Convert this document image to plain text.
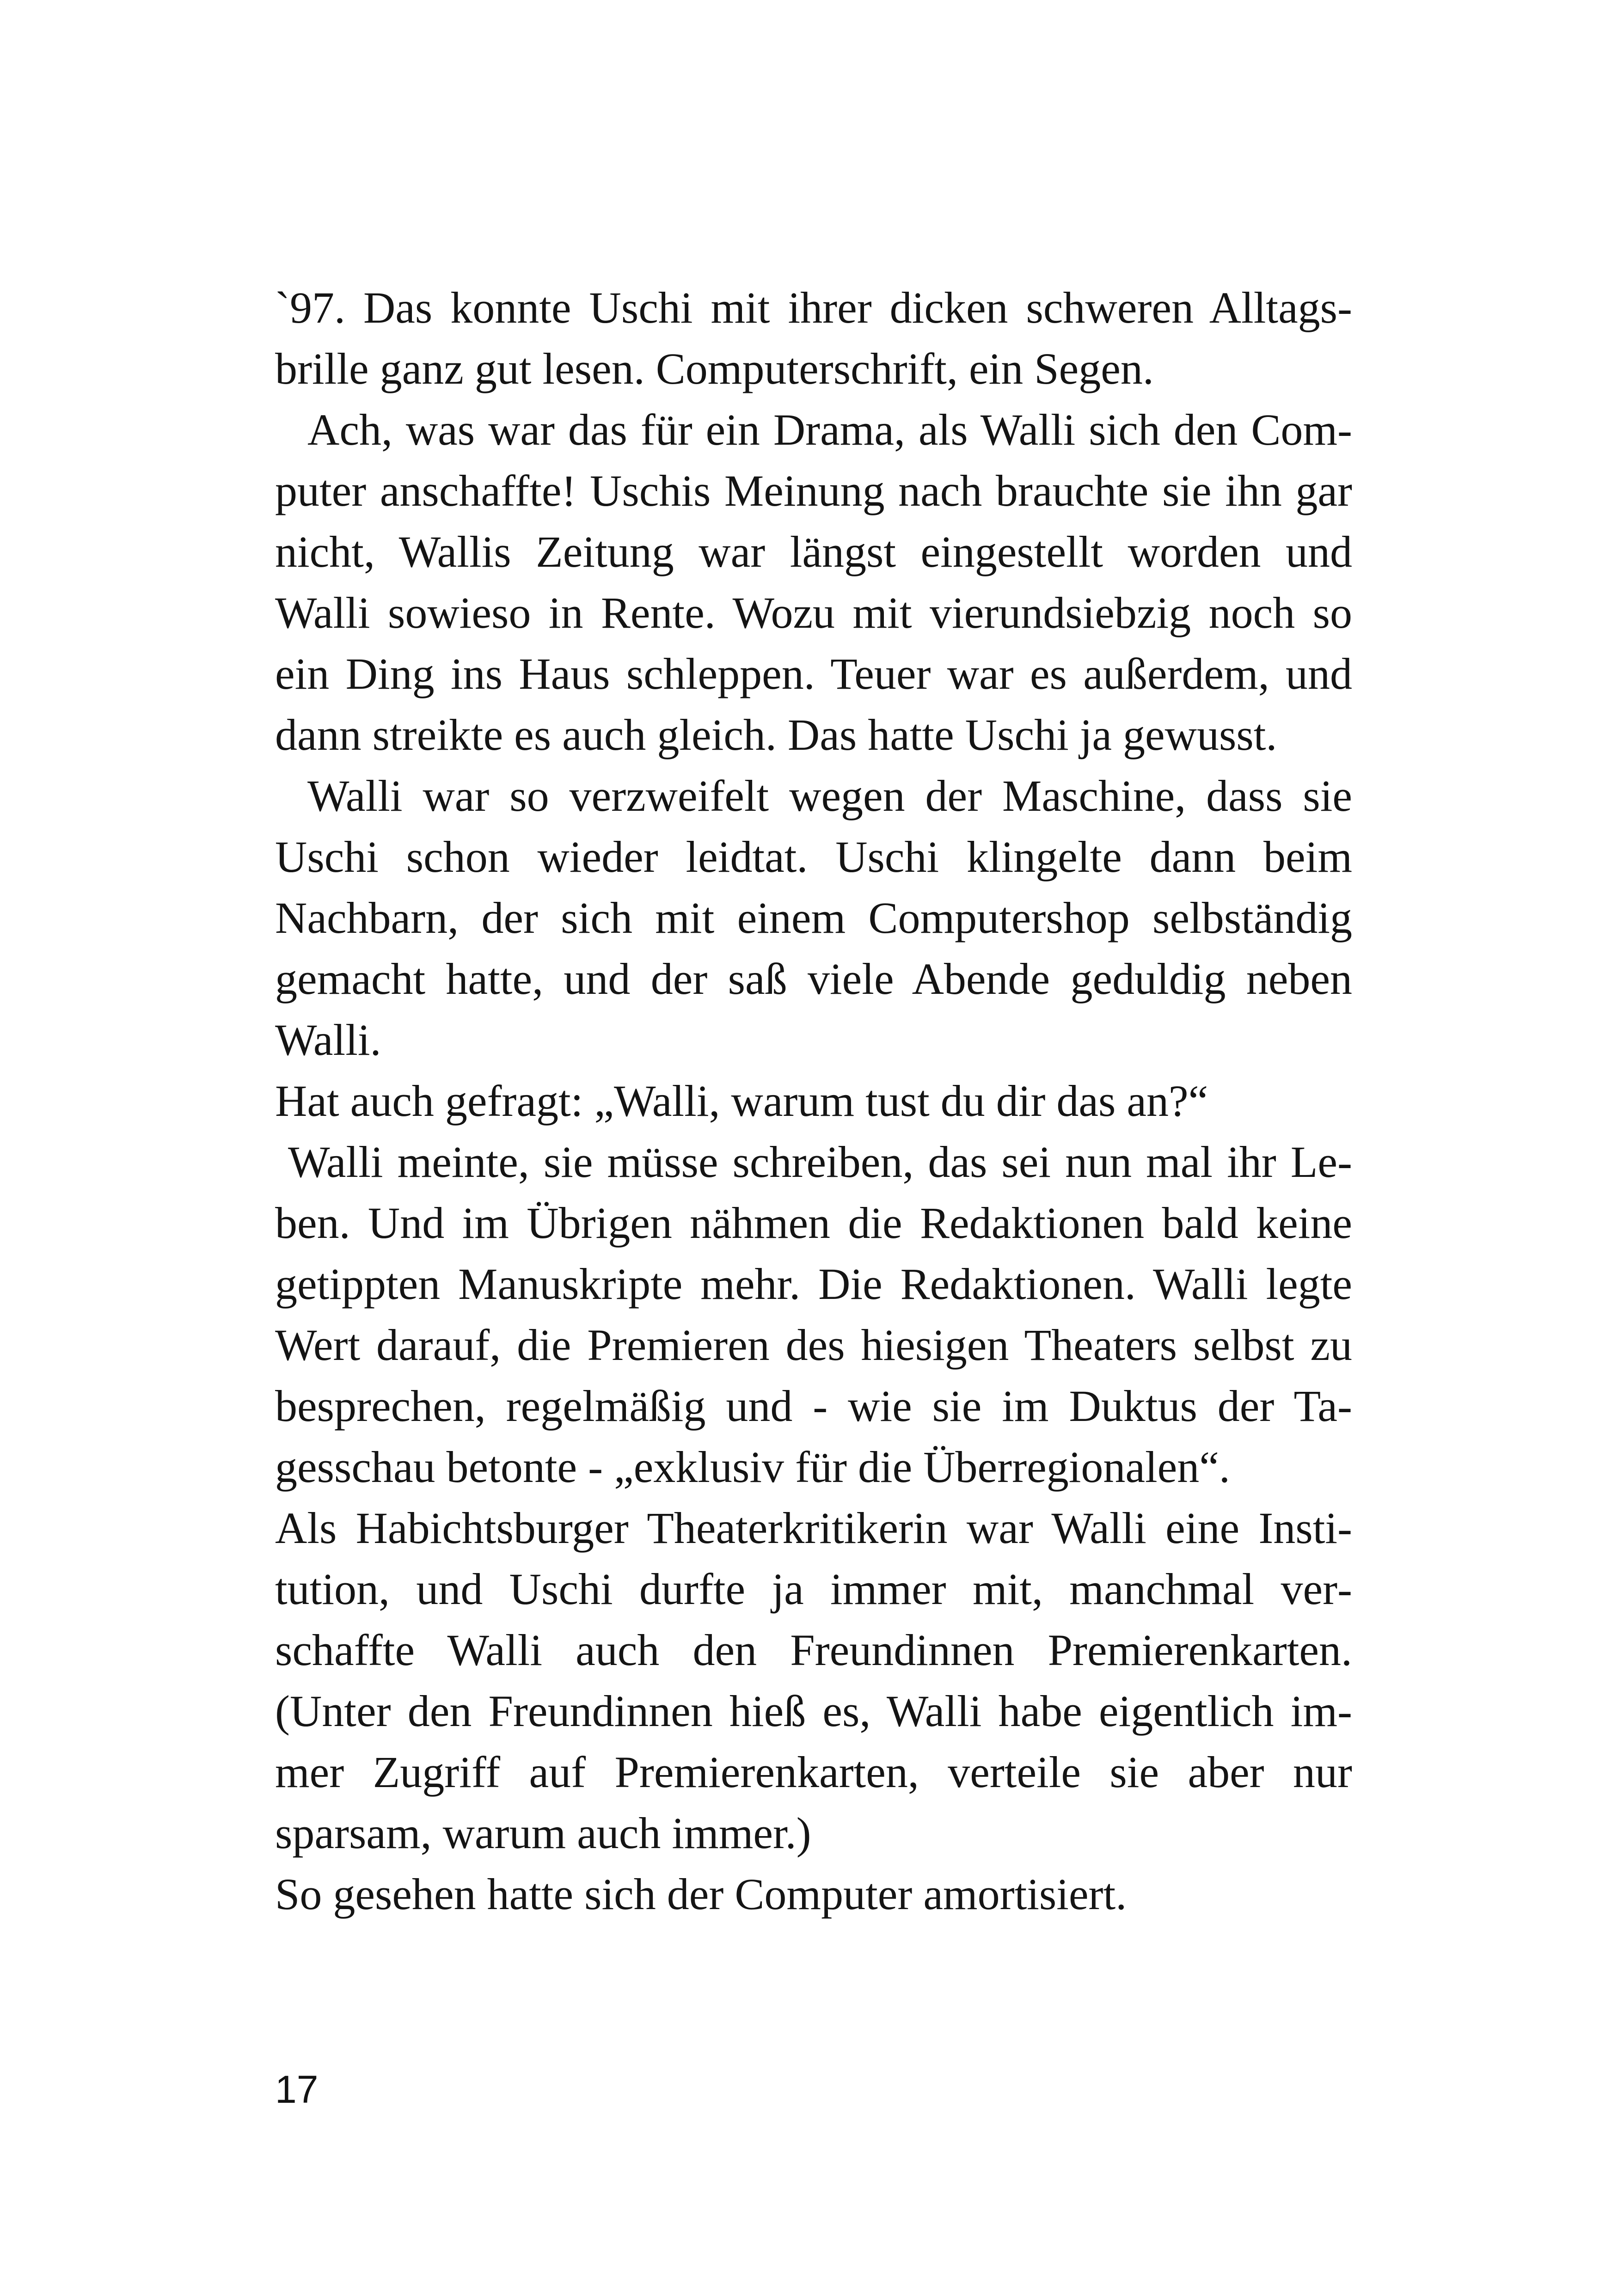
`97. Das konnte Uschi mit ihrer dicken schweren Alltagsbrille ganz gut lesen. Computerschrift, ein Segen.

Ach, was war das für ein Drama, als Walli sich den Computer anschaffte! Uschis Meinung nach brauchte sie ihn gar nicht, Wallis Zeitung war längst eingestellt worden und Walli sowieso in Rente. Wozu mit vierundsiebzig noch so ein Ding ins Haus schleppen. Teuer war es außerdem, und dann streikte es auch gleich. Das hatte Uschi ja gewusst.

Walli war so verzweifelt wegen der Maschine, dass sie Uschi schon wieder leidtat. Uschi klingelte dann beim Nachbarn, der sich mit einem Computershop selbständig gemacht hatte, und der saß viele Abende geduldig neben Walli.

Hat auch gefragt: „Walli, warum tust du dir das an?“

Walli meinte, sie müsse schreiben, das sei nun mal ihr Leben. Und im Übrigen nähmen die Redaktionen bald keine getippten Manuskripte mehr. Die Redaktionen. Walli legte Wert darauf, die Premieren des hiesigen Theaters selbst zu besprechen, regelmäßig und - wie sie im Duktus der Tagesschau betonte - „exklusiv für die Überregionalen“.

Als Habichtsburger Theaterkritikerin war Walli eine Institution, und Uschi durfte ja immer mit, manchmal verschaffte Walli auch den Freundinnen Premierenkarten. (Unter den Freundinnen hieß es, Walli habe eigentlich immer Zugriff auf Premierenkarten, verteile sie aber nur sparsam, warum auch immer.)

So gesehen hatte sich der Computer amortisiert.

17
